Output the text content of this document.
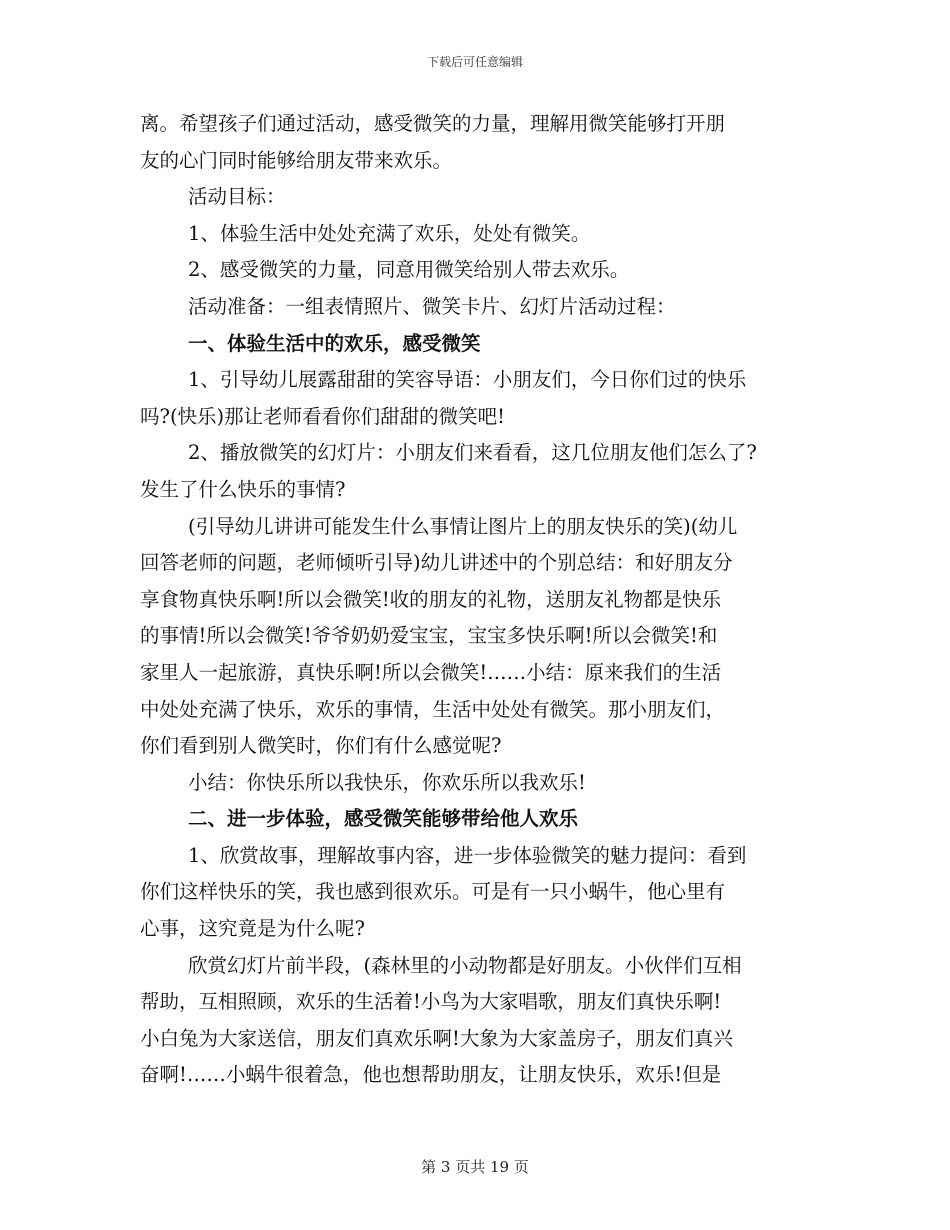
下载后可任意编辑

离。希望孩子们通过活动，感受微笑的力量，理解用微笑能够打开朋

友的心门同时能够给朋友带来欢乐。

活动目标：

1、体验生活中处处充满了欢乐，处处有微笑。

2、感受微笑的力量，同意用微笑给别人带去欢乐。

活动准备：一组表情照片、微笑卡片、幻灯片活动过程：

一、体验生活中的欢乐，感受微笑

1、引导幼儿展露甜甜的笑容导语：小朋友们，今日你们过的快乐

吗?(快乐)那让老师看看你们甜甜的微笑吧!

2、播放微笑的幻灯片：小朋友们来看看，这几位朋友他们怎么了?

发生了什么快乐的事情?

(引导幼儿讲讲可能发生什么事情让图片上的朋友快乐的笑)(幼儿

回答老师的问题，老师倾听引导)幼儿讲述中的个别总结：和好朋友分

享食物真快乐啊!所以会微笑!收的朋友的礼物，送朋友礼物都是快乐

的事情!所以会微笑!爷爷奶奶爱宝宝，宝宝多快乐啊!所以会微笑!和

家里人一起旅游，真快乐啊!所以会微笑!……小结：原来我们的生活

中处处充满了快乐，欢乐的事情，生活中处处有微笑。那小朋友们，

你们看到别人微笑时，你们有什么感觉呢?

小结：你快乐所以我快乐，你欢乐所以我欢乐!

二、进一步体验，感受微笑能够带给他人欢乐

1、欣赏故事，理解故事内容，进一步体验微笑的魅力提问：看到

你们这样快乐的笑，我也感到很欢乐。可是有一只小蜗牛，他心里有

心事，这究竟是为什么呢?

欣赏幻灯片前半段，(森林里的小动物都是好朋友。小伙伴们互相

帮助，互相照顾，欢乐的生活着!小鸟为大家唱歌，朋友们真快乐啊!

小白兔为大家送信，朋友们真欢乐啊!大象为大家盖房子，朋友们真兴

奋啊!……小蜗牛很着急，他也想帮助朋友，让朋友快乐，欢乐!但是

第 3 页共 19 页
